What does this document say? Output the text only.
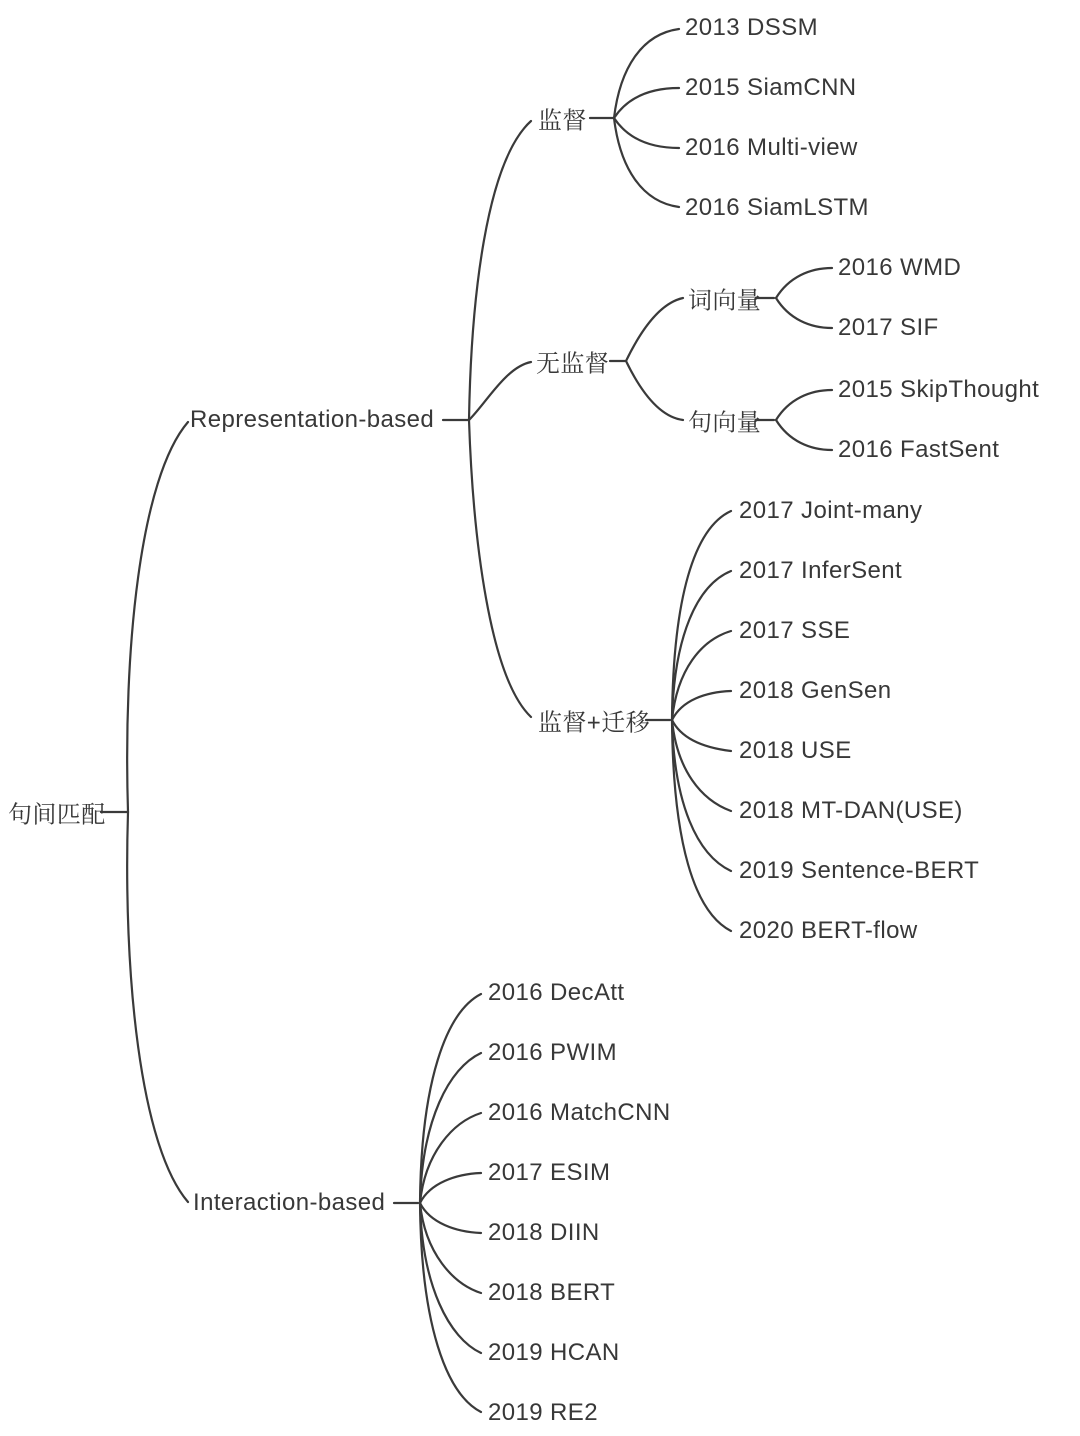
句间匹配
Representation-based
Interaction-based
监督
无监督
监督+迁移
2013 DSSM
2015 SiamCNN
2016 Multi-view
2016 SiamLSTM
词向量
句向量
2016 WMD
2017 SIF
2015 SkipThought
2016 FastSent
2017 Joint-many
2017 InferSent
2017 SSE
2018 GenSen
2018 USE
2018 MT-DAN(USE)
2019 Sentence-BERT
2020 BERT-flow
2016 DecAtt
2016 PWIM
2016 MatchCNN
2017 ESIM
2018 DIIN
2018 BERT
2019 HCAN
2019 RE2
